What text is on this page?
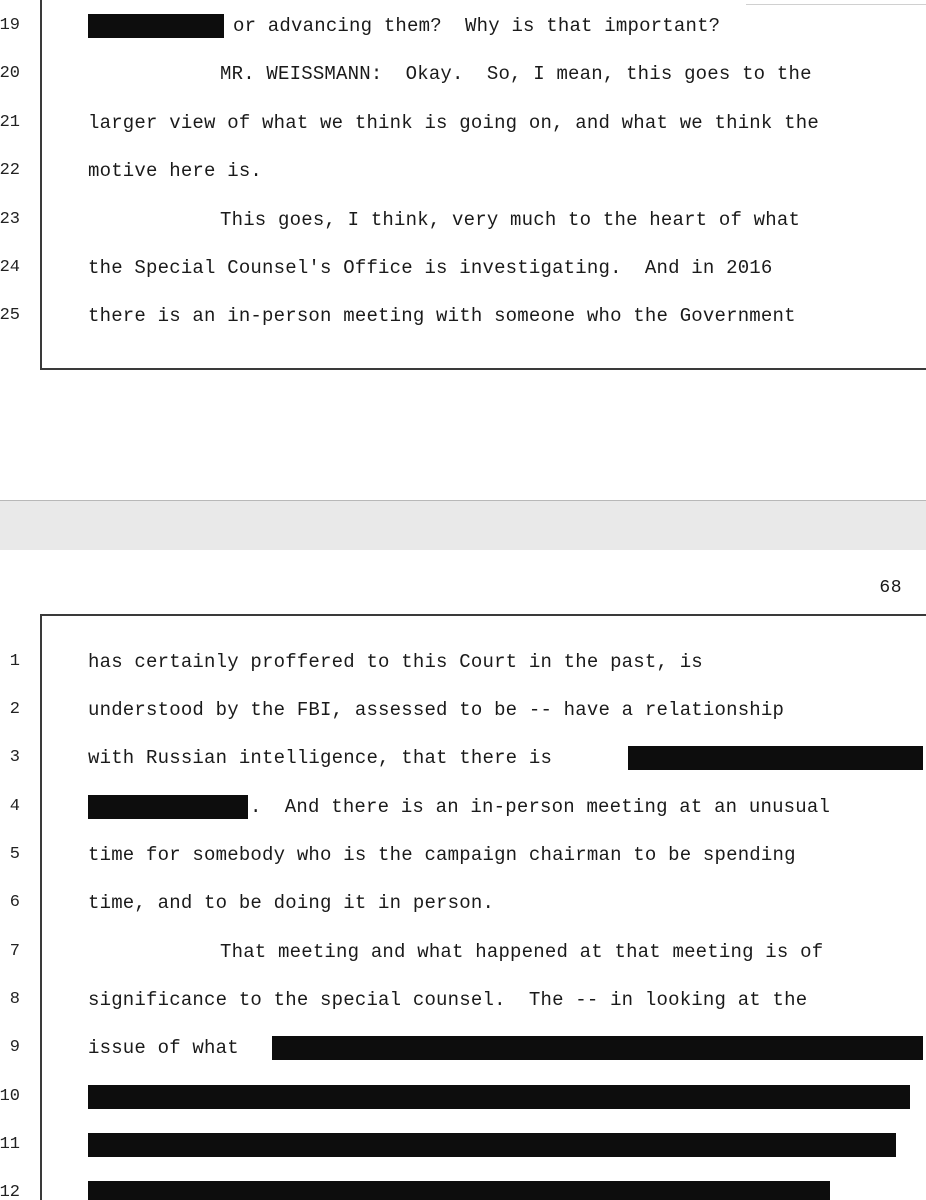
19	or advancing them?  Why is that important?
20	MR. WEISSMANN:  Okay.  So, I mean, this goes to the
21	larger view of what we think is going on, and what we think the
22	motive here is.
23	This goes, I think, very much to the heart of what
24	the Special Counsel's Office is investigating.  And in 2016
25	there is an in-person meeting with someone who the Government
68
1	has certainly proffered to this Court in the past, is
2	understood by the FBI, assessed to be -- have a relationship
3	with Russian intelligence, that there is
4	.  And there is an in-person meeting at an unusual
5	time for somebody who is the campaign chairman to be spending
6	time, and to be doing it in person.
7	That meeting and what happened at that meeting is of
8	significance to the special counsel.  The -- in looking at the
9	issue of what
10
11
12
